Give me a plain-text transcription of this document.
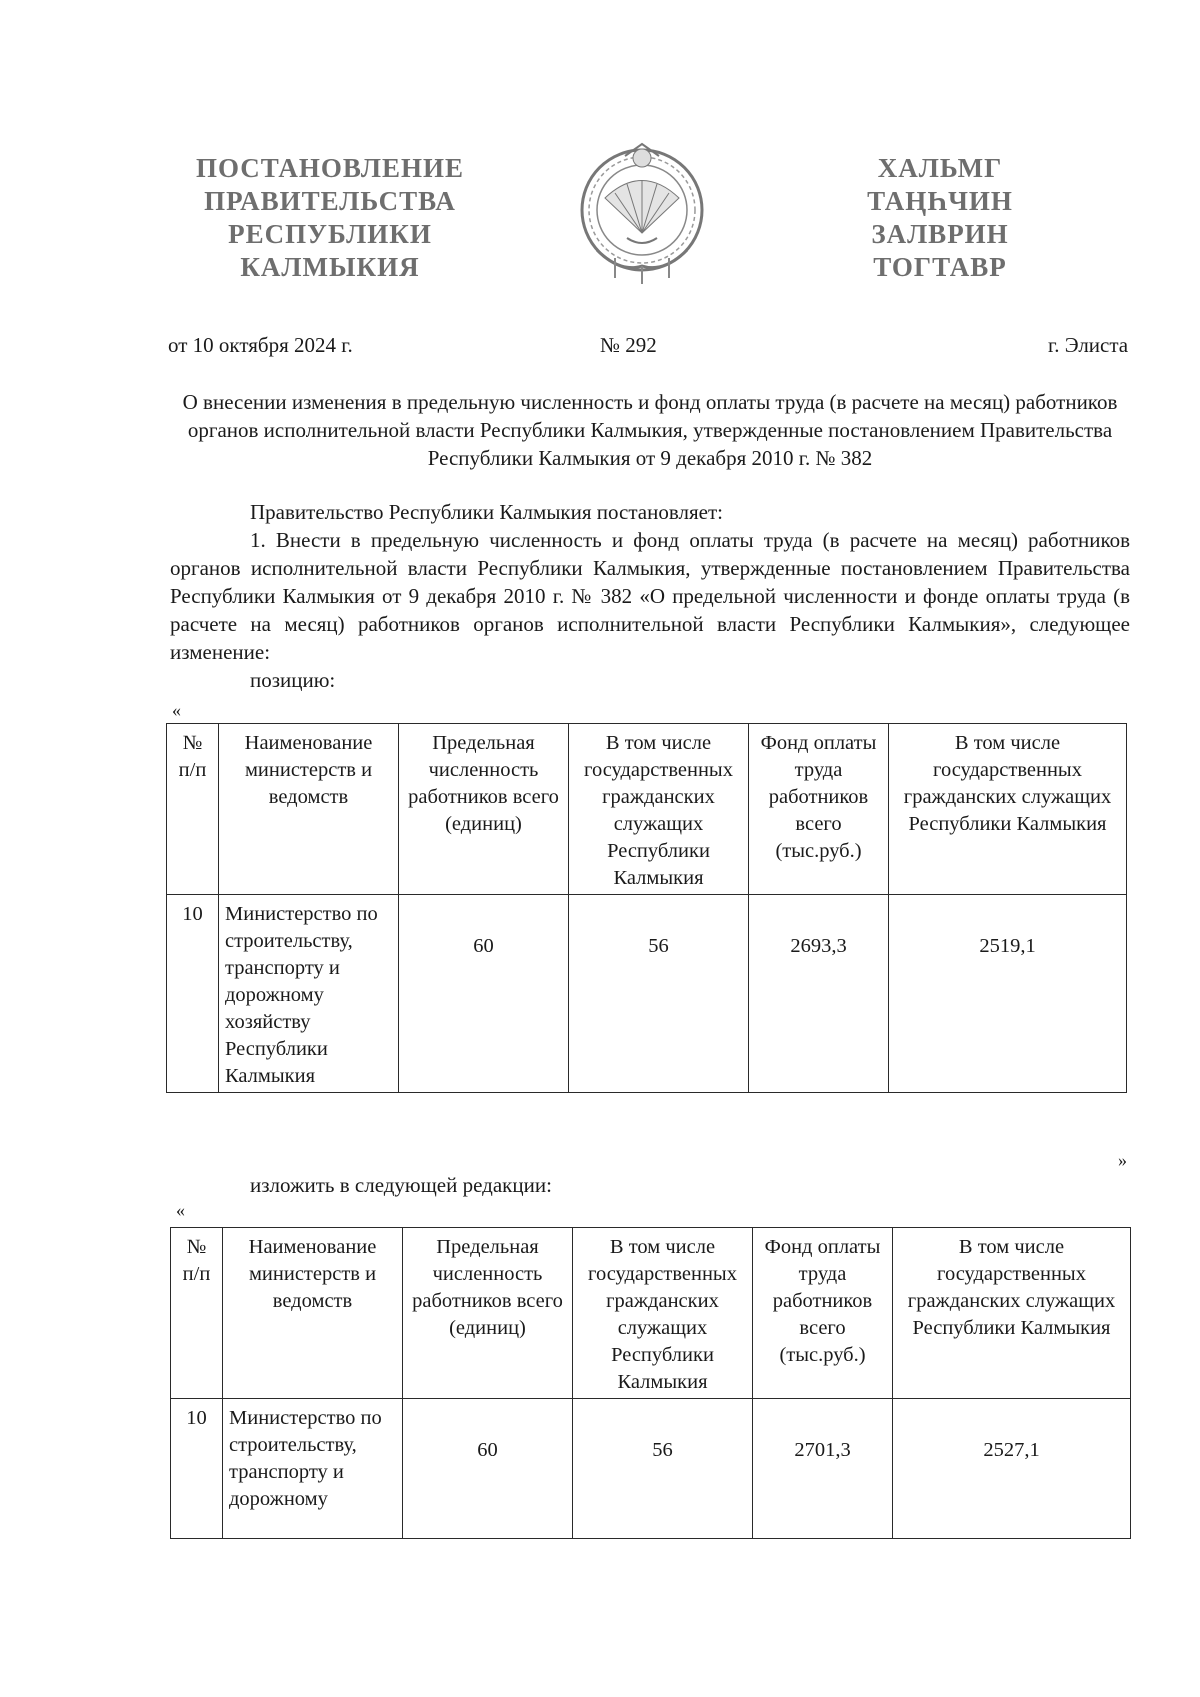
ПОСТАНОВЛЕНИЕ
ПРАВИТЕЛЬСТВА
РЕСПУБЛИКИ
КАЛМЫКИЯ
ХАЛЬМГ
ТАҢҺЧИН
ЗАЛВРИН
ТОГТАВР
от 10 октября 2024 г.	№ 292	г. Элиста
О внесении изменения в предельную численность и фонд оплаты труда (в расчете на месяц) работников органов исполнительной власти Республики Калмыкия, утвержденные постановлением Правительства Республики Калмыкия от 9 декабря 2010 г. № 382

Правительство Республики Калмыкия постановляет:

1. Внести в предельную численность и фонд оплаты труда (в расчете на месяц) работников органов исполнительной власти Республики Калмыкия, утвержденные постановлением Правительства Республики Калмыкия от 9 декабря 2010 г. № 382 «О предельной численности и фонде оплаты труда (в расчете на месяц) работников органов исполнительной власти Республики Калмыкия», следующее изменение:

позицию:

«
№ п/п	Наименование министерств и ведомств	Предельная численность работников всего (единиц)	В том числе государственных гражданских служащих Республики Калмыкия	Фонд оплаты труда работников всего (тыс.руб.)	В том числе государственных гражданских служащих Республики Калмыкия
10	Министерство по строительству, транспорту и дорожному хозяйству Республики Калмыкия	60	56	2693,3	2519,1
»
изложить в следующей редакции:
«
№ п/п	Наименование министерств и ведомств	Предельная численность работников всего (единиц)	В том числе государственных гражданских служащих Республики Калмыкия	Фонд оплаты труда работников всего (тыс.руб.)	В том числе государственных гражданских служащих Республики Калмыкия
10	Министерство по строительству, транспорту и дорожному	60	56	2701,3	2527,1
